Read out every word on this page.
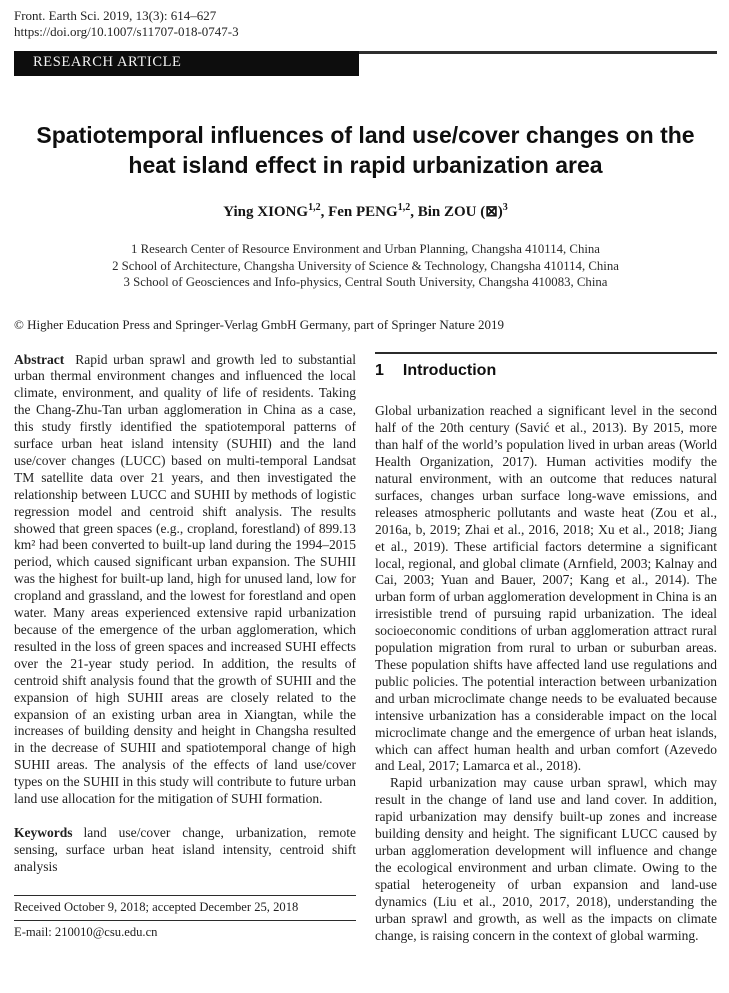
Front. Earth Sci. 2019, 13(3): 614–627
https://doi.org/10.1007/s11707-018-0747-3
RESEARCH ARTICLE
Spatiotemporal influences of land use/cover changes on the heat island effect in rapid urbanization area
Ying XIONG$^{1,2}$, Fen PENG$^{1,2}$, Bin ZOU (⊠)$^3$
1 Research Center of Resource Environment and Urban Planning, Changsha 410114, China
2 School of Architecture, Changsha University of Science & Technology, Changsha 410114, China
3 School of Geosciences and Info-physics, Central South University, Changsha 410083, China
© Higher Education Press and Springer-Verlag GmbH Germany, part of Springer Nature 2019

Abstract Rapid urban sprawl and growth led to substantial urban thermal environment changes and influenced the local climate, environment, and quality of life of residents. Taking the Chang-Zhu-Tan urban agglomeration in China as a case, this study firstly identified the spatiotemporal patterns of surface urban heat island intensity (SUHII) and the land use/cover changes (LUCC) based on multi-temporal Landsat TM satellite data over 21 years, and then investigated the relationship between LUCC and SUHII by methods of logistic regression model and centroid shift analysis. The results showed that green spaces (e.g., cropland, forestland) of 899.13 km² had been converted to built-up land during the 1994–2015 period, which caused significant urban expansion. The SUHII was the highest for built-up land, high for unused land, low for cropland and grassland, and the lowest for forestland and open water. Many areas experienced extensive rapid urbanization because of the emergence of the urban agglomeration, which resulted in the loss of green spaces and increased SUHI effects over the 21-year study period. In addition, the results of centroid shift analysis found that the growth of SUHII and the expansion of high SUHII areas are closely related to the expansion of an existing urban area in Xiangtan, while the increases of building density and height in Changsha resulted in the decrease of SUHII and spatiotemporal change of high SUHII areas. The analysis of the effects of land use/cover types on the SUHII in this study will contribute to future urban land use allocation for the mitigation of SUHI formation.

Keywords land use/cover change, urbanization, remote sensing, surface urban heat island intensity, centroid shift analysis

Received October 9, 2018; accepted December 25, 2018
E-mail: 210010@csu.edu.cn
1 Introduction

Global urbanization reached a significant level in the second half of the 20th century (Savić et al., 2013). By 2015, more than half of the world’s population lived in urban areas (World Health Organization, 2017). Human activities modify the natural environment, with an outcome that reduces natural surfaces, changes urban surface long-wave emissions, and releases atmospheric pollutants and waste heat (Zou et al., 2016a, b, 2019; Zhai et al., 2016, 2018; Xu et al., 2018; Jiang et al., 2019). These artificial factors determine a significant local, regional, and global climate (Arnfield, 2003; Kalnay and Cai, 2003; Yuan and Bauer, 2007; Kang et al., 2014). The urban form of urban agglomeration development in China is an irresistible trend of pursuing rapid urbanization. The ideal socioeconomic conditions of urban agglomeration attract rural population migration from rural to urban or suburban areas. These population shifts have affected land use regulations and public policies. The potential interaction between urbanization and urban microclimate change needs to be evaluated because intensive urbanization has a considerable impact on the local microclimate change and the emergence of urban heat islands, which can affect human health and urban comfort (Azevedo and Leal, 2017; Lamarca et al., 2018).

Rapid urbanization may cause urban sprawl, which may result in the change of land use and land cover. In addition, rapid urbanization may densify built-up zones and increase building density and height. The significant LUCC caused by urban agglomeration development will influence and change the ecological environment and urban climate. Owing to the spatial heterogeneity of urban expansion and land-use dynamics (Liu et al., 2010, 2017, 2018), understanding the urban sprawl and growth, as well as the impacts on climate change, is raising concern in the context of global warming.
